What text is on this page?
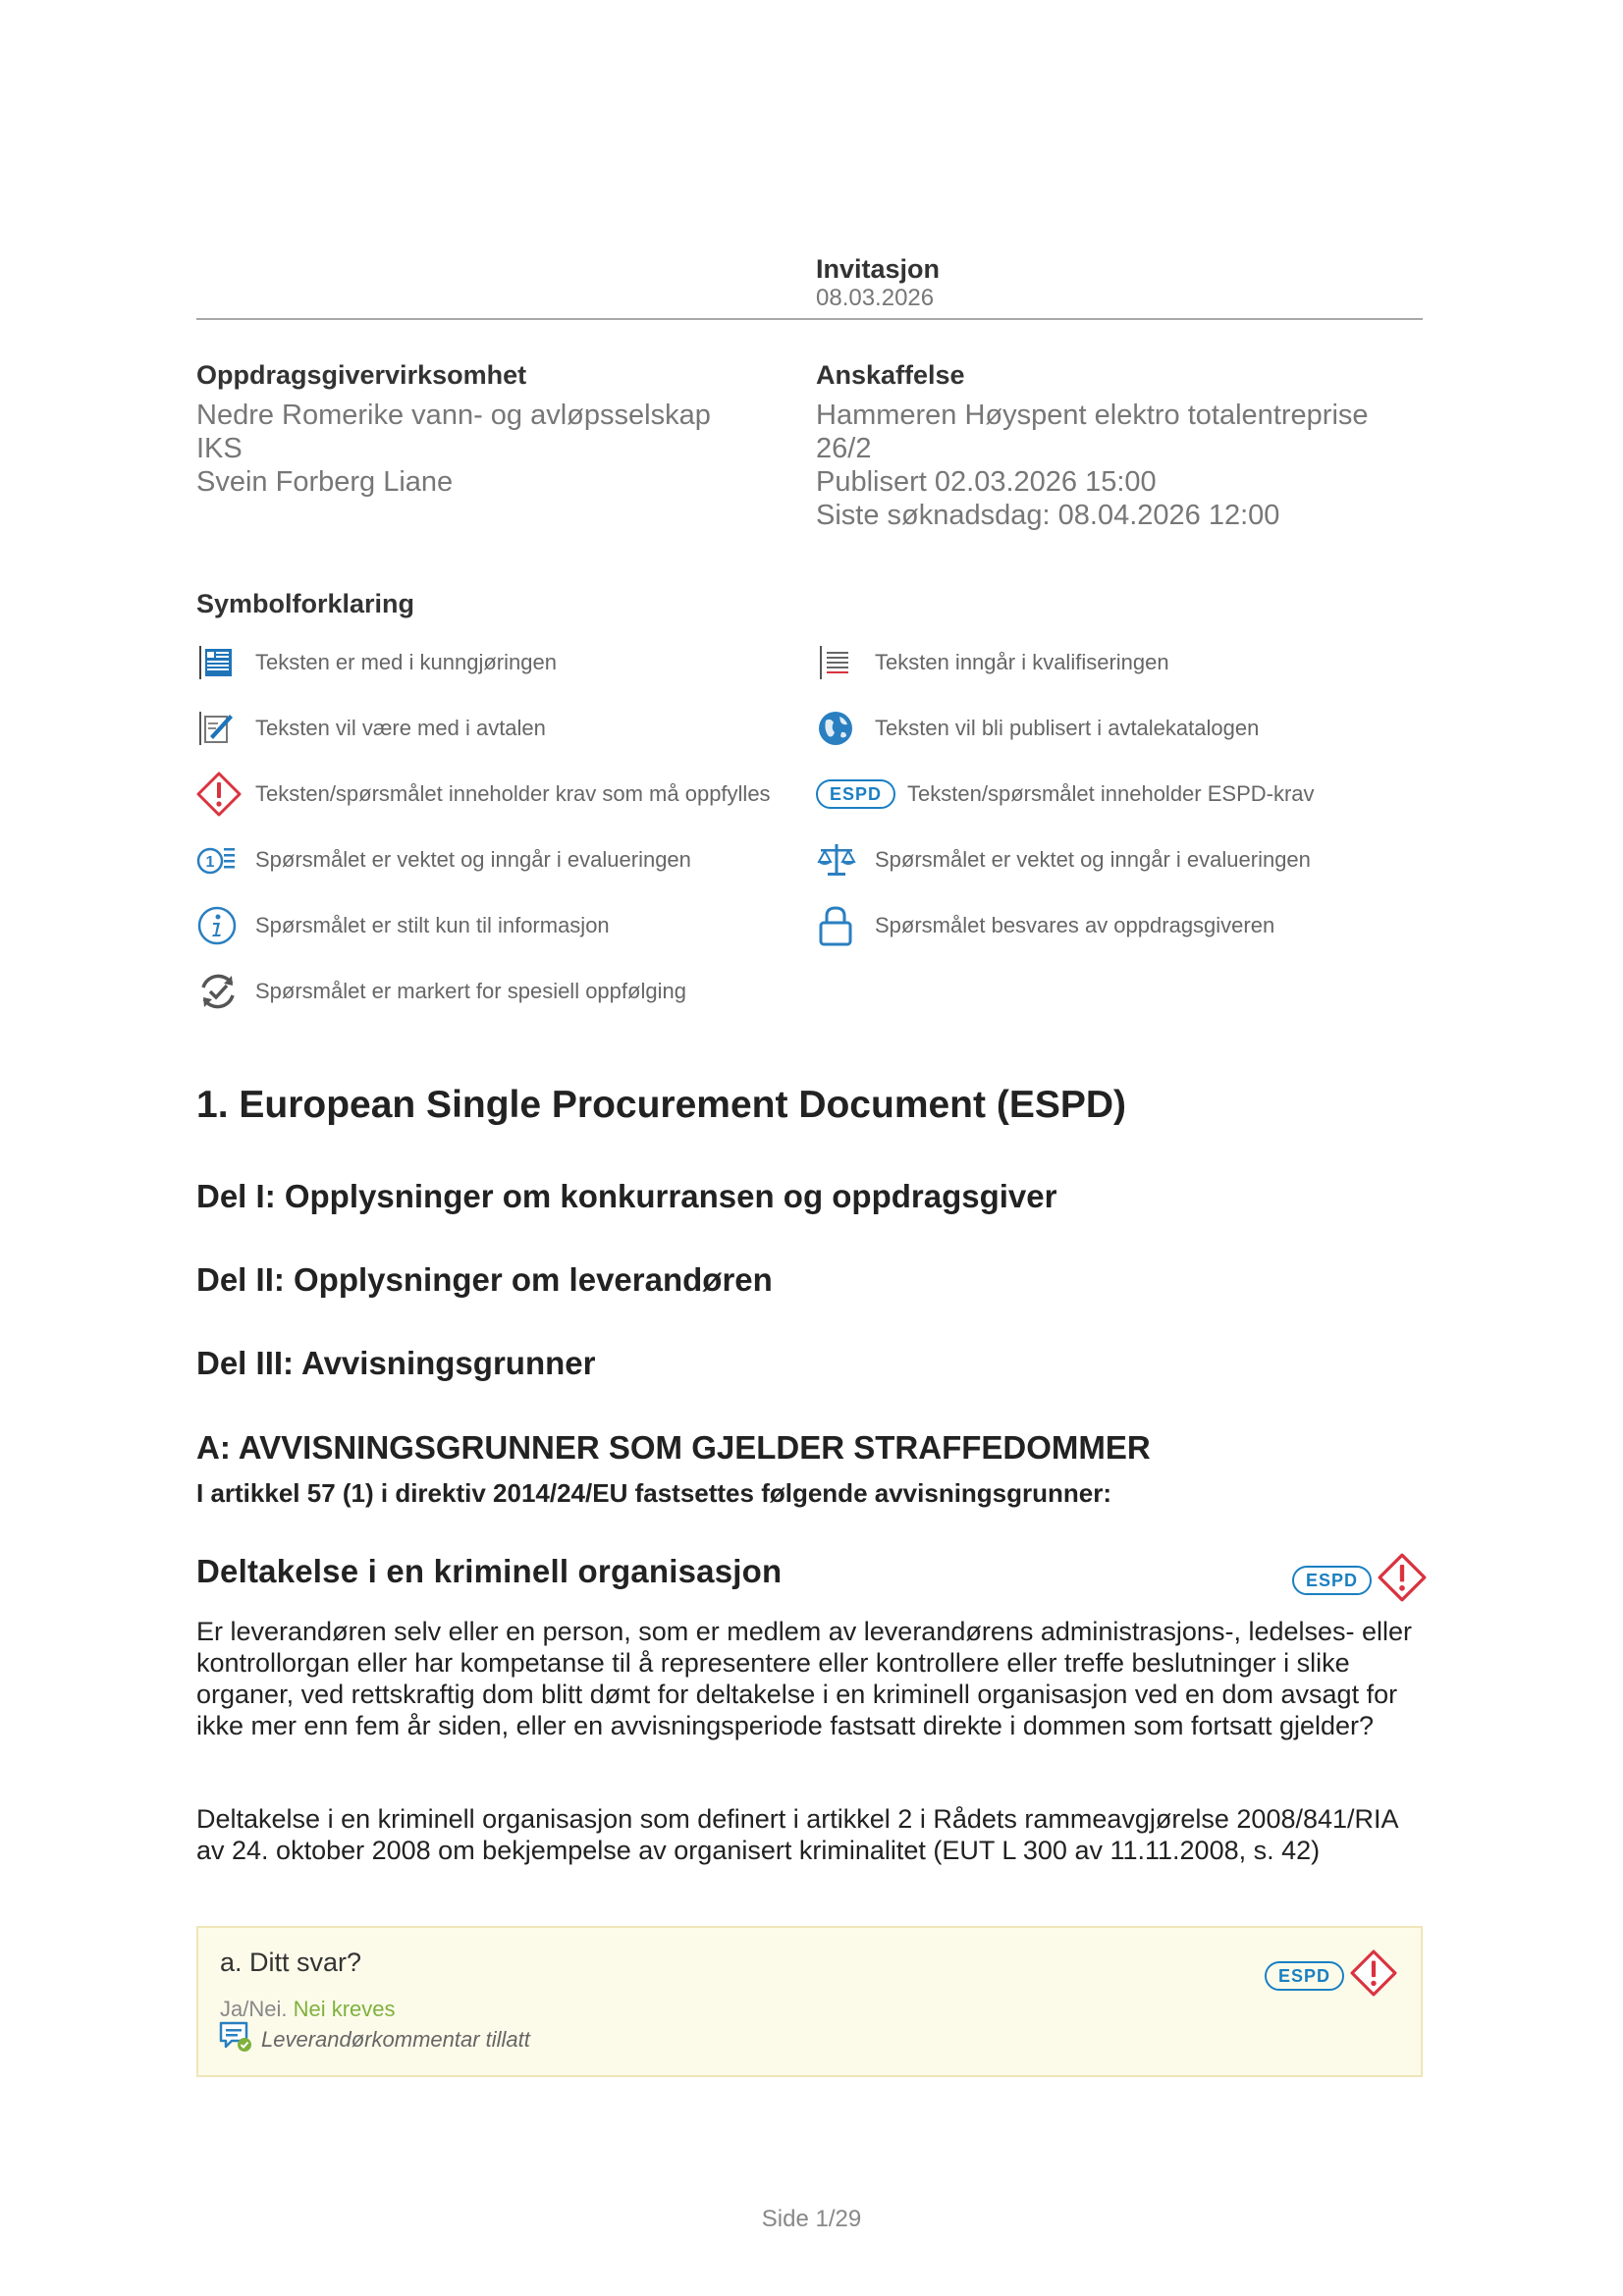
Invitasjon
08.03.2026
Oppdragsgivervirksomhet
Nedre Romerike vann- og avløpsselskap
IKS
Svein Forberg Liane
Anskaffelse
Hammeren Høyspent elektro totalentreprise
26/2
Publisert 02.03.2026 15:00
Siste søknadsdag: 08.04.2026 12:00
Symbolforklaring
Teksten er med i kunngjøringen	Teksten inngår i kvalifiseringen
Teksten vil være med i avtalen	Teksten vil bli publisert i avtalekatalogen
Teksten/spørsmålet inneholder krav som må oppfylles	ESPD	Teksten/spørsmålet inneholder ESPD-krav
1 Spørsmålet er vektet og inngår i evalueringen	Spørsmålet er vektet og inngår i evalueringen
Spørsmålet er stilt kun til informasjon	Spørsmålet besvares av oppdragsgiveren
Spørsmålet er markert for spesiell oppfølging
1. European Single Procurement Document (ESPD)
Del I: Opplysninger om konkurransen og oppdragsgiver
Del II: Opplysninger om leverandøren
Del III: Avvisningsgrunner
A: AVVISNINGSGRUNNER SOM GJELDER STRAFFEDOMMER
I artikkel 57 (1) i direktiv 2014/24/EU fastsettes følgende avvisningsgrunner:
Deltakelse i en kriminell organisasjon	ESPD
Er leverandøren selv eller en person, som er medlem av leverandørens administrasjons-, ledelses- eller kontrollorgan eller har kompetanse til å representere eller kontrollere eller treffe beslutninger i slike organer, ved rettskraftig dom blitt dømt for deltakelse i en kriminell organisasjon ved en dom avsagt for ikke mer enn fem år siden, eller en avvisningsperiode fastsatt direkte i dommen som fortsatt gjelder?
Deltakelse i en kriminell organisasjon som definert i artikkel 2 i Rådets rammeavgjørelse 2008/841/RIA av 24. oktober 2008 om bekjempelse av organisert kriminalitet (EUT L 300 av 11.11.2008, s. 42)
a. Ditt svar?
Ja/Nei. Nei kreves
Leverandørkommentar tillatt
ESPD
Side 1/29
